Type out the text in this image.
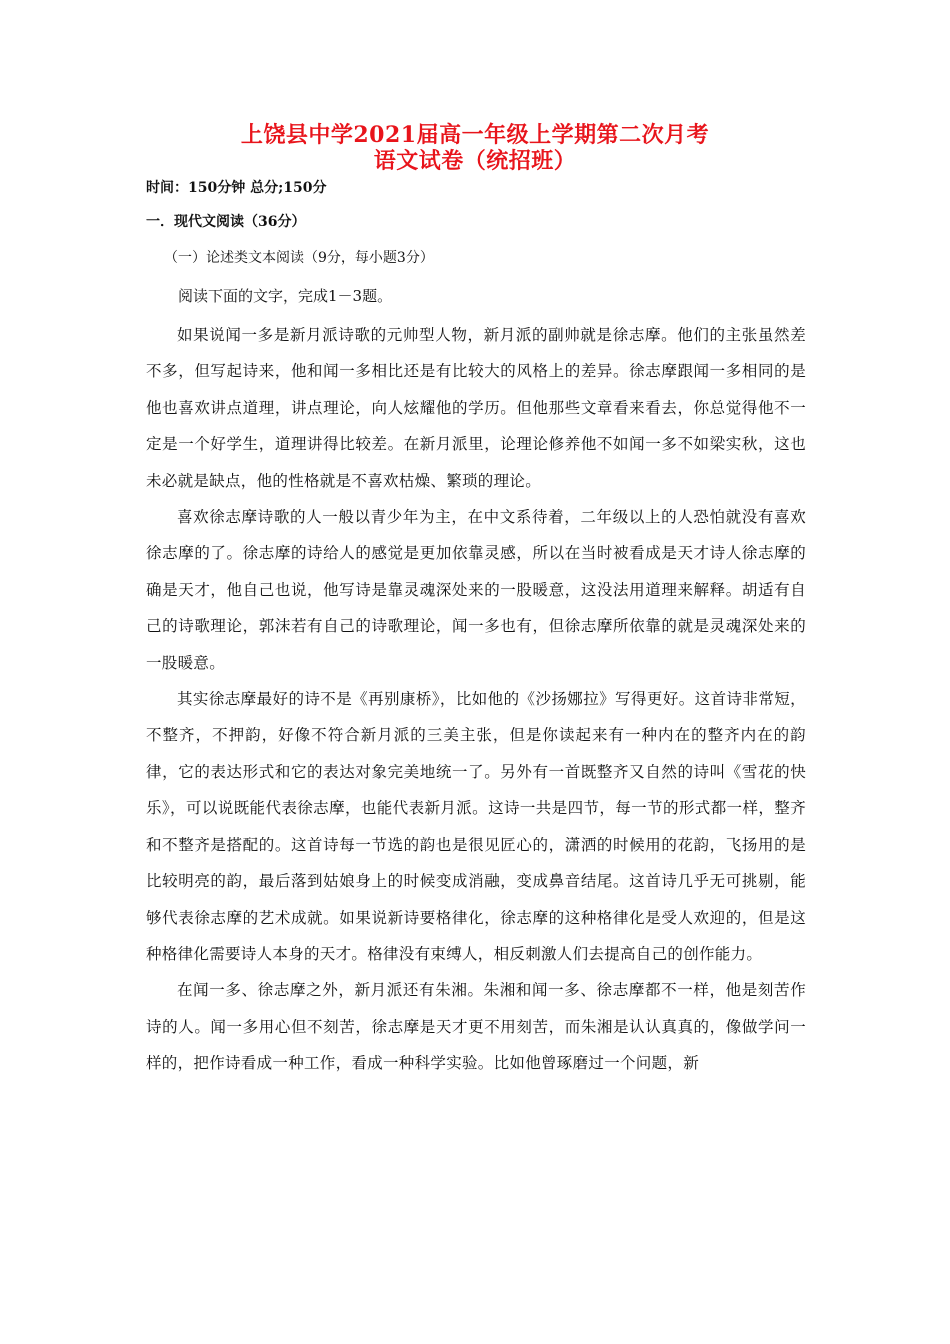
上饶县中学2021届高一年级上学期第二次月考
语文试卷（统招班）
时间：150分钟 总分;150分
一．现代文阅读（36分）
（一）论述类文本阅读（9分，每小题3分）
阅读下面的文字，完成1－3题。

如果说闻一多是新月派诗歌的元帅型人物，新月派的副帅就是徐志摩。他们的主张虽然差不多，但写起诗来，他和闻一多相比还是有比较大的风格上的差异。徐志摩跟闻一多相同的是他也喜欢讲点道理，讲点理论，向人炫耀他的学历。但他那些文章看来看去，你总觉得他不一定是一个好学生，道理讲得比较差。在新月派里，论理论修养他不如闻一多不如梁实秋，这也未必就是缺点，他的性格就是不喜欢枯燥、繁琐的理论。

喜欢徐志摩诗歌的人一般以青少年为主，在中文系待着，二年级以上的人恐怕就没有喜欢徐志摩的了。徐志摩的诗给人的感觉是更加依靠灵感，所以在当时被看成是天才诗人徐志摩的确是天才，他自己也说，他写诗是靠灵魂深处来的一股暖意，这没法用道理来解释。胡适有自己的诗歌理论，郭沫若有自己的诗歌理论，闻一多也有，但徐志摩所依靠的就是灵魂深处来的一股暖意。

其实徐志摩最好的诗不是《再别康桥》，比如他的《沙扬娜拉》写得更好。这首诗非常短，不整齐，不押韵，好像不符合新月派的三美主张，但是你读起来有一种内在的整齐内在的韵律，它的表达形式和它的表达对象完美地统一了。另外有一首既整齐又自然的诗叫《雪花的快乐》，可以说既能代表徐志摩，也能代表新月派。这诗一共是四节，每一节的形式都一样，整齐和不整齐是搭配的。这首诗每一节选的韵也是很见匠心的，潇洒的时候用的花韵，飞扬用的是比较明亮的韵，最后落到姑娘身上的时候变成消融，变成鼻音结尾。这首诗几乎无可挑剔，能够代表徐志摩的艺术成就。如果说新诗要格律化，徐志摩的这种格律化是受人欢迎的，但是这种格律化需要诗人本身的天才。格律没有束缚人，相反刺激人们去提高自己的创作能力。

在闻一多、徐志摩之外，新月派还有朱湘。朱湘和闻一多、徐志摩都不一样，他是刻苦作诗的人。闻一多用心但不刻苦，徐志摩是天才更不用刻苦，而朱湘是认认真真的，像做学问一样的，把作诗看成一种工作，看成一种科学实验。比如他曾琢磨过一个问题，新
